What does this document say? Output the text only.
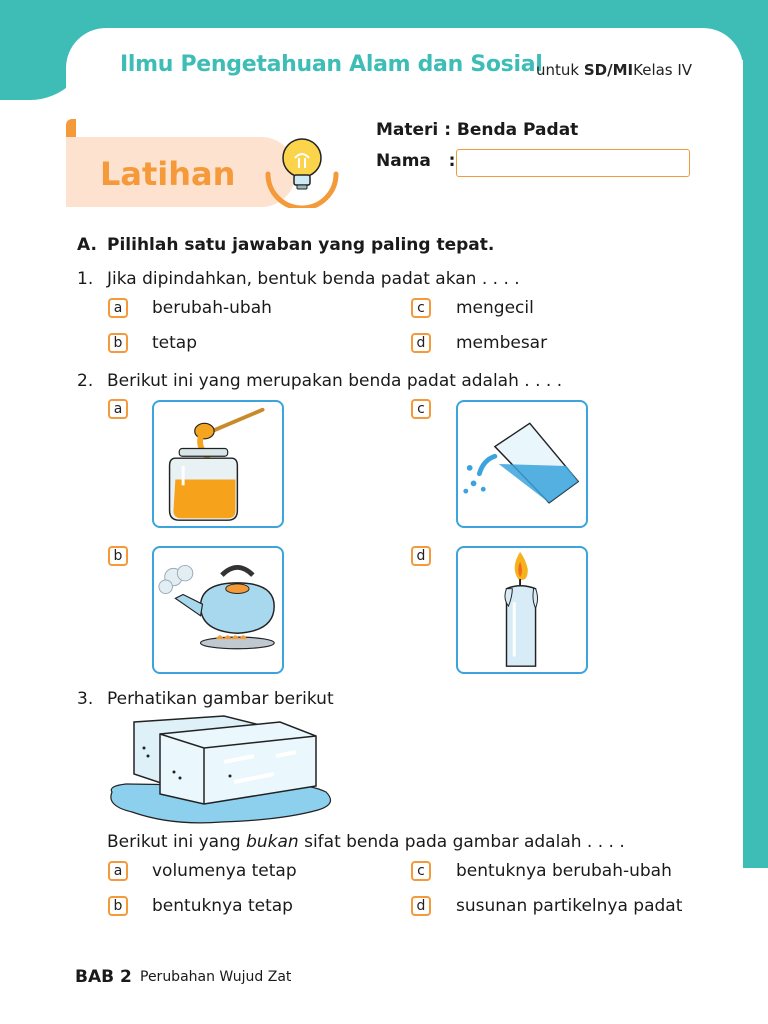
Ilmu Pengetahuan Alam dan Sosial
untuk SD/MIKelas IV
Latihan
Materi : Benda Padat
Nama :
A. Pilihlah satu jawaban yang paling tepat.
1. Jika dipindahkan, bentuk benda padat akan . . . .
a	berubah-ubah
b	tetap
c	mengecil
d	membesar
2. Berikut ini yang merupakan benda padat adalah . . . .
a	c
b	d
3. Perhatikan gambar berikut
Berikut ini yang bukan sifat benda pada gambar adalah . . . .
a	volumenya tetap
b	bentuknya tetap
c	bentuknya berubah-ubah
d	susunan partikelnya padat
BAB 2 Perubahan Wujud Zat
